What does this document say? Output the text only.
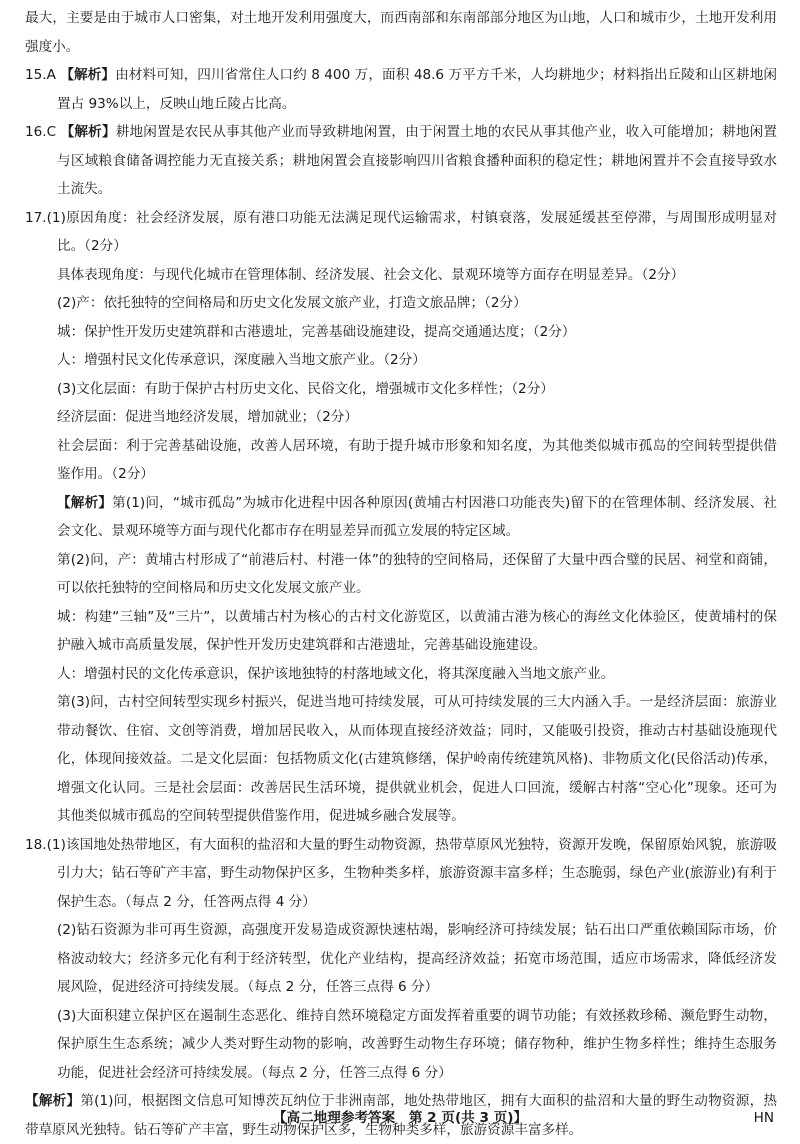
最大，主要是由于城市人口密集，对土地开发利用强度大，而西南部和东南部部分地区为山地，人口和城市少，土地开发利用强度小。

15.A 【解析】由材料可知，四川省常住人口约 8 400 万，面积 48.6 万平方千米，人均耕地少；材料指出丘陵和山区耕地闲置占 93%以上，反映山地丘陵占比高。

16.C 【解析】耕地闲置是农民从事其他产业而导致耕地闲置，由于闲置土地的农民从事其他产业，收入可能增加；耕地闲置与区域粮食储备调控能力无直接关系；耕地闲置会直接影响四川省粮食播种面积的稳定性；耕地闲置并不会直接导致水土流失。

17.(1)原因角度：社会经济发展，原有港口功能无法满足现代运输需求，村镇衰落，发展延缓甚至停滞，与周围形成明显对比。（2分）

具体表现角度：与现代化城市在管理体制、经济发展、社会文化、景观环境等方面存在明显差异。（2分）

(2)产：依托独特的空间格局和历史文化发展文旅产业，打造文旅品牌；（2分）

城：保护性开发历史建筑群和古港遗址，完善基础设施建设，提高交通通达度；（2分）

人：增强村民文化传承意识，深度融入当地文旅产业。（2分）

(3)文化层面：有助于保护古村历史文化、民俗文化，增强城市文化多样性；（2分）

经济层面：促进当地经济发展，增加就业；（2分）

社会层面：利于完善基础设施，改善人居环境，有助于提升城市形象和知名度，为其他类似城市孤岛的空间转型提供借鉴作用。（2分）

【解析】第(1)问，“城市孤岛”为城市化进程中因各种原因(黄埔古村因港口功能丧失)留下的在管理体制、经济发展、社会文化、景观环境等方面与现代化都市存在明显差异而孤立发展的特定区域。

第(2)问，产：黄埔古村形成了“前港后村、村港一体”的独特的空间格局，还保留了大量中西合璧的民居、祠堂和商铺，可以依托独特的空间格局和历史文化发展文旅产业。

城：构建“三轴”及“三片”，以黄埔古村为核心的古村文化游览区，以黄浦古港为核心的海丝文化体验区，使黄埔村的保护融入城市高质量发展，保护性开发历史建筑群和古港遗址，完善基础设施建设。

人：增强村民的文化传承意识，保护该地独特的村落地域文化，将其深度融入当地文旅产业。

第(3)问，古村空间转型实现乡村振兴，促进当地可持续发展，可从可持续发展的三大内涵入手。一是经济层面：旅游业带动餐饮、住宿、文创等消费，增加居民收入，从而体现直接经济效益；同时，又能吸引投资，推动古村基础设施现代化，体现间接效益。二是文化层面：包括物质文化(古建筑修缮，保护岭南传统建筑风格)、非物质文化(民俗活动)传承，增强文化认同。三是社会层面：改善居民生活环境，提供就业机会，促进人口回流，缓解古村落“空心化”现象。还可为其他类似城市孤岛的空间转型提供借鉴作用，促进城乡融合发展等。

18.(1)该国地处热带地区，有大面积的盐沼和大量的野生动物资源，热带草原风光独特，资源开发晚，保留原始风貌，旅游吸引力大；钻石等矿产丰富，野生动物保护区多，生物种类多样，旅游资源丰富多样；生态脆弱，绿色产业(旅游业)有利于保护生态。（每点 2 分，任答两点得 4 分）

(2)钻石资源为非可再生资源，高强度开发易造成资源快速枯竭，影响经济可持续发展；钻石出口严重依赖国际市场，价格波动较大；经济多元化有利于经济转型，优化产业结构，提高经济效益；拓宽市场范围，适应市场需求，降低经济发展风险，促进经济可持续发展。（每点 2 分，任答三点得 6 分）

(3)大面积建立保护区在遏制生态恶化、维持自然环境稳定方面发挥着重要的调节功能；有效拯救珍稀、濒危野生动物，保护原生生态系统；减少人类对野生动物的影响，改善野生动物生存环境；储存物种，维护生物多样性；维持生态服务功能，促进社会经济可持续发展。（每点 2 分，任答三点得 6 分）

【解析】第(1)问，根据图文信息可知博茨瓦纳位于非洲南部，地处热带地区，拥有大面积的盐沼和大量的野生动物资源，热带草原风光独特。钻石等矿产丰富，野生动物保护区多，生物种类多样，旅游资源丰富多样。

【高二地理参考答案　第 2 页(共 3 页)】	HN
